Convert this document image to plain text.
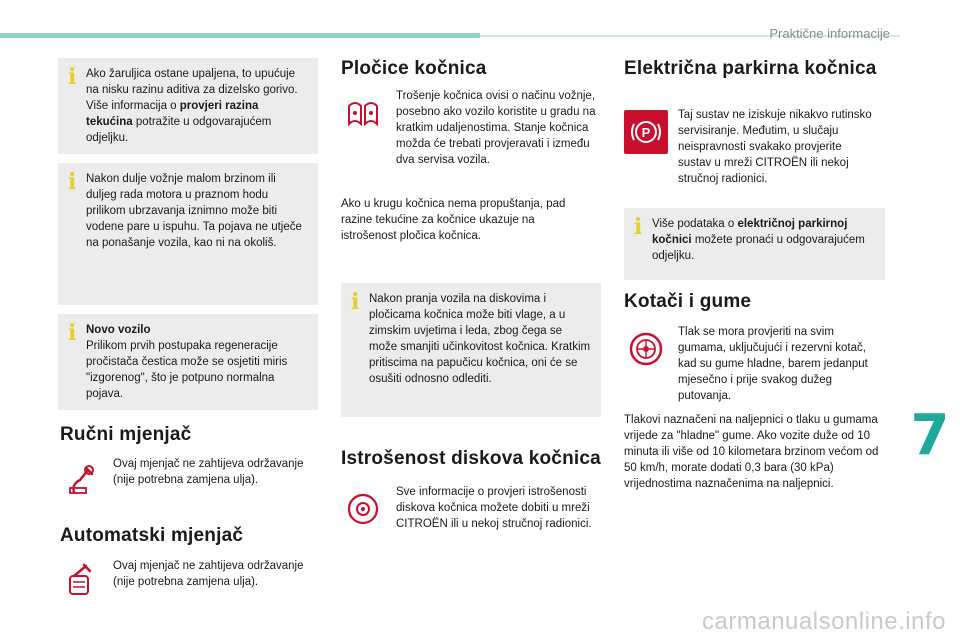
Praktične informacije
7
i Ako žaruljica ostane upaljena, to upućuje na nisku razinu aditiva za dizelsko gorivo. Više informacija o provjeri razina tekućina potražite u odgovarajućem odjeljku.
i Nakon dulje vožnje malom brzinom ili duljeg rada motora u praznom hodu prilikom ubrzavanja iznimno može biti vodene pare u ispuhu. Ta pojava ne utječe na ponašanje vozila, kao ni na okoliš.
i Novo vozilo
Prilikom prvih postupaka regeneracije pročistača čestica može se osjetiti miris "izgorenog", što je potpuno normalna pojava.
Ručni mjenjač
Ovaj mjenjač ne zahtijeva održavanje (nije potrebna zamjena ulja).
Automatski mjenjač
Ovaj mjenjač ne zahtijeva održavanje (nije potrebna zamjena ulja).
Pločice kočnica
Trošenje kočnica ovisi o načinu vožnje, posebno ako vozilo koristite u gradu na kratkim udaljenostima. Stanje kočnica možda će trebati provjeravati i između dva servisa vozila.
Ako u krugu kočnica nema propuštanja, pad razine tekućine za kočnice ukazuje na istrošenost pločica kočnica.
i Nakon pranja vozila na diskovima i pločicama kočnica može biti vlage, a u zimskim uvjetima i leda, zbog čega se može smanjiti učinkovitost kočnica. Kratkim pritiscima na papučicu kočnica, oni će se osušiti odnosno odlediti.
Istrošenost diskova kočnica
Sve informacije o provjeri istrošenosti diskova kočnica možete dobiti u mreži CITROËN ili u nekoj stručnoj radionici.
Električna parkirna kočnica
P
Taj sustav ne iziskuje nikakvo rutinsko servisiranje. Međutim, u slučaju neispravnosti svakako provjerite sustav u mreži CITROËN ili nekoj stručnoj radionici.
i Više podataka o električnoj parkirnoj kočnici možete pronaći u odgovarajućem odjeljku.
Kotači i gume
Tlak se mora provjeriti na svim gumama, uključujući i rezervni kotač, kad su gume hladne, barem jedanput mjesečno i prije svakog dužeg putovanja.
Tlakovi naznačeni na naljepnici o tlaku u gumama vrijede za "hladne" gume. Ako vozite duže od 10 minuta ili više od 10 kilometara brzinom većom od 50 km/h, morate dodati 0,3 bara (30 kPa) vrijednostima naznačenima na naljepnici.
carmanualsonline.info
